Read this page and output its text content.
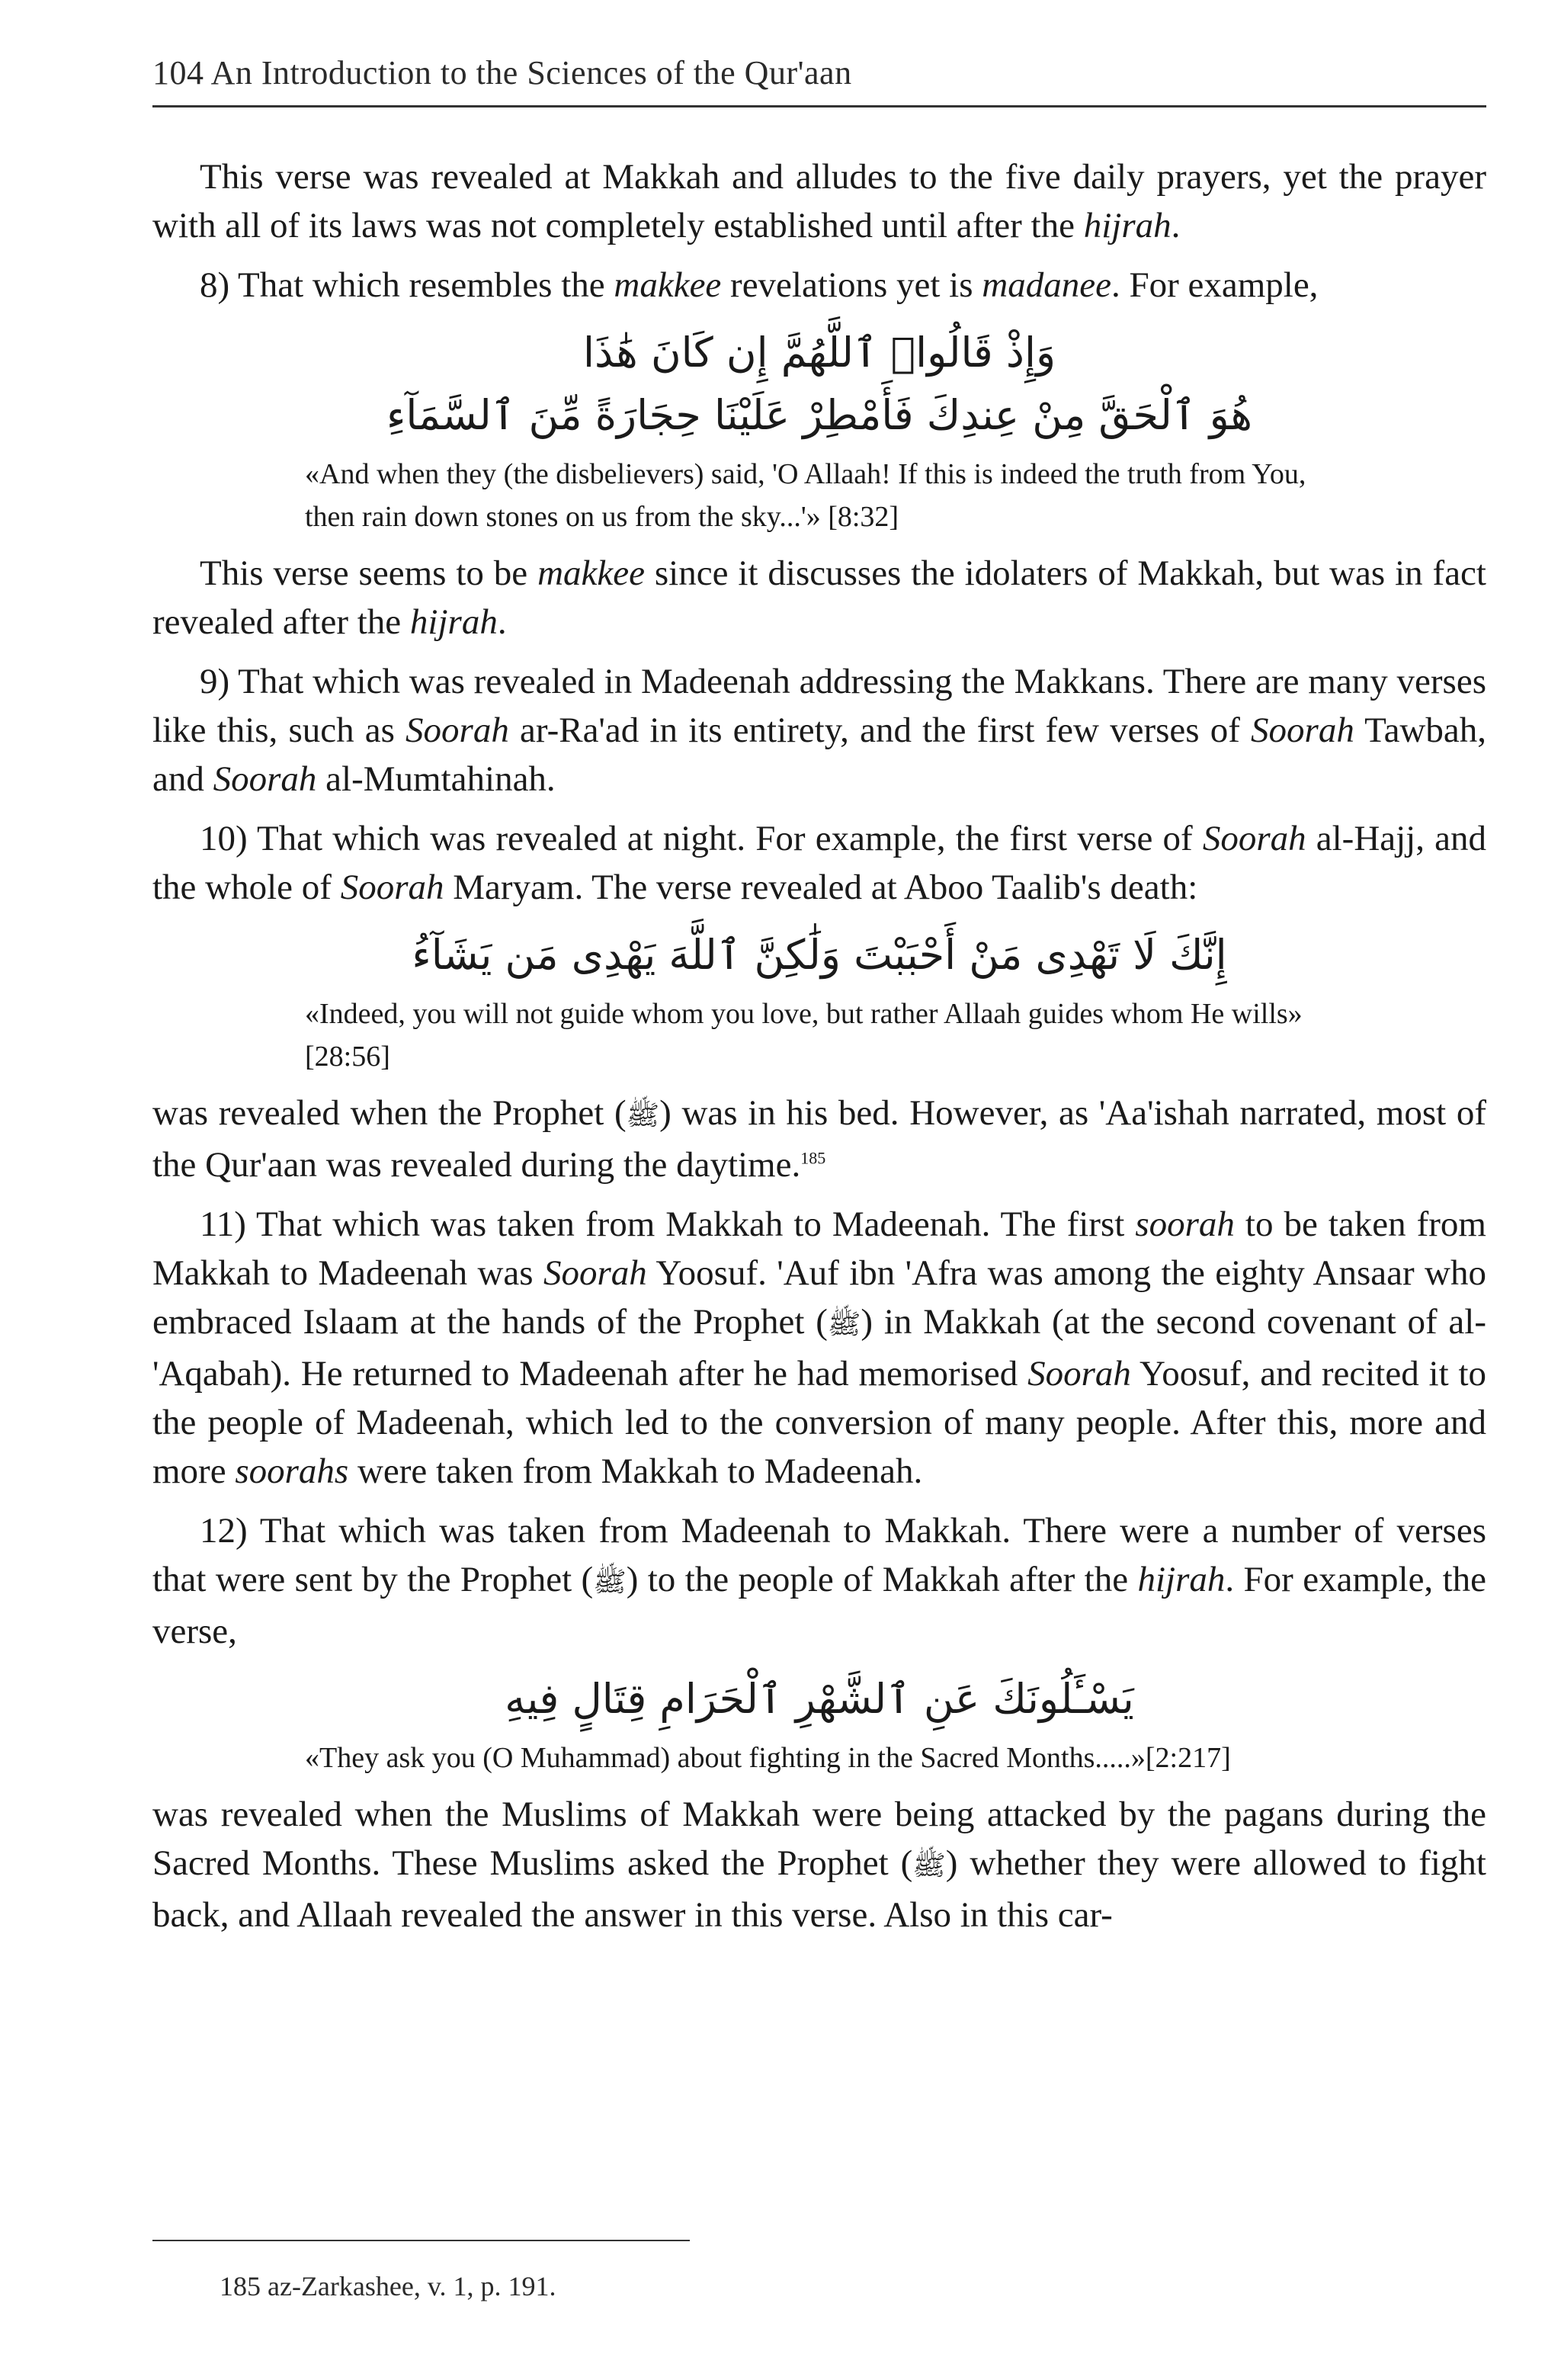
104 An Introduction to the Sciences of the Qur'aan

This verse was revealed at Makkah and alludes to the five daily prayers, yet the prayer with all of its laws was not completely established until after the hijrah.

8) That which resembles the makkee revelations yet is madanee. For example,

وَإِذْ قَالُوا۟ ٱللَّهُمَّ إِن كَانَ هَٰذَا
هُوَ ٱلْحَقَّ مِنْ عِندِكَ فَأَمْطِرْ عَلَيْنَا حِجَارَةً مِّنَ ٱلسَّمَآءِ

«And when they (the disbelievers) said, 'O Allaah! If this is indeed the truth from You, then rain down stones on us from the sky...'» [8:32]

This verse seems to be makkee since it discusses the idolaters of Makkah, but was in fact revealed after the hijrah.

9) That which was revealed in Madeenah addressing the Makkans. There are many verses like this, such as Soorah ar-Ra'ad in its entirety, and the first few verses of Soorah Tawbah, and Soorah al-Mumtahinah.

10) That which was revealed at night. For example, the first verse of Soorah al-Hajj, and the whole of Soorah Maryam. The verse revealed at Aboo Taalib's death:

إِنَّكَ لَا تَهْدِى مَنْ أَحْبَبْتَ وَلَٰكِنَّ ٱللَّهَ يَهْدِى مَن يَشَآءُ

«Indeed, you will not guide whom you love, but rather Allaah guides whom He wills» [28:56]

was revealed when the Prophet (ﷺ) was in his bed. However, as 'Aa'ishah narrated, most of the Qur'aan was revealed during the daytime.$^{185}$

11) That which was taken from Makkah to Madeenah. The first soorah to be taken from Makkah to Madeenah was Soorah Yoosuf. 'Auf ibn 'Afra was among the eighty Ansaar who embraced Islaam at the hands of the Prophet (ﷺ) in Makkah (at the second covenant of al-'Aqabah). He returned to Madeenah after he had memorised Soorah Yoosuf, and recited it to the people of Madeenah, which led to the conversion of many people. After this, more and more soorahs were taken from Makkah to Madeenah.

12) That which was taken from Madeenah to Makkah. There were a number of verses that were sent by the Prophet (ﷺ) to the people of Makkah after the hijrah. For example, the verse,

يَسْـَٔلُونَكَ عَنِ ٱلشَّهْرِ ٱلْحَرَامِ قِتَالٍ فِيهِ

«They ask you (O Muhammad) about fighting in the Sacred Months.....»[2:217]

was revealed when the Muslims of Makkah were being attacked by the pagans during the Sacred Months. These Muslims asked the Prophet (ﷺ) whether they were allowed to fight back, and Allaah revealed the answer in this verse. Also in this car-

185 az-Zarkashee, v. 1, p. 191.
